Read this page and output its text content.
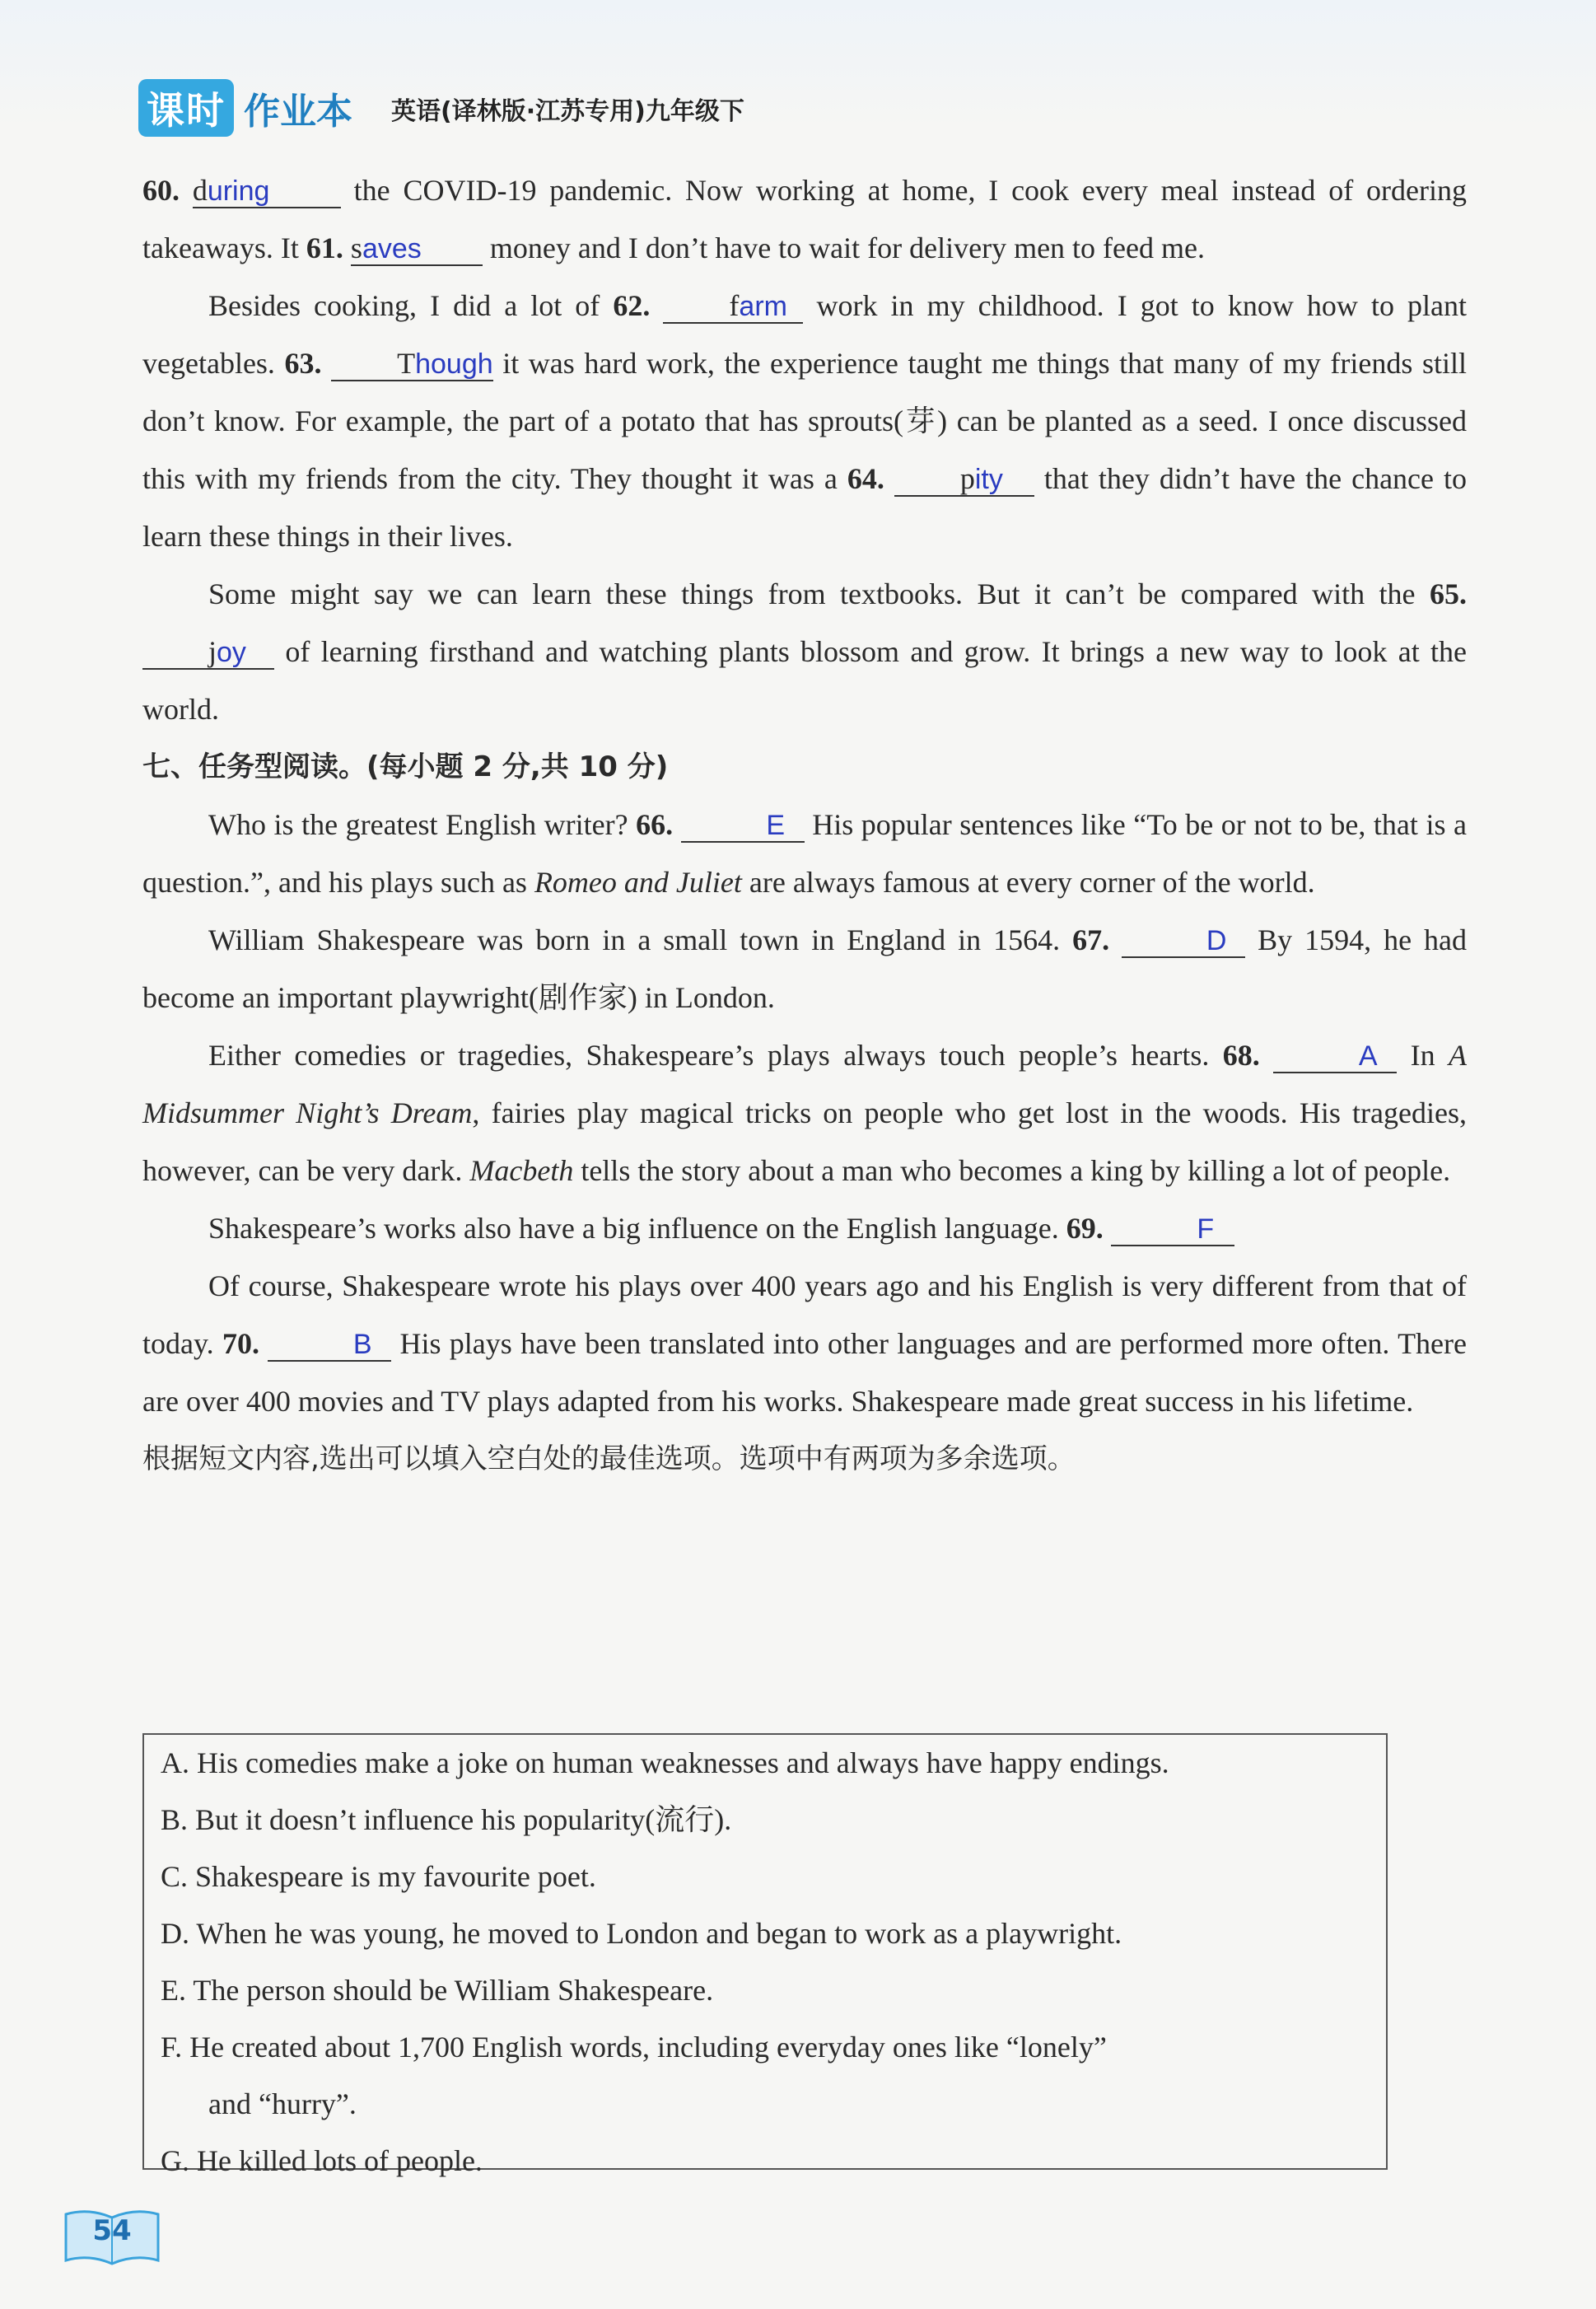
课时 作业本 英语(译林版·江苏专用)九年级下

60. during	the COVID-19 pandemic. Now working at home, I cook every meal instead of ordering takeaways. It 61. saves money and I don’t have to wait for delivery men to feed me.

Besides cooking, I did a lot of 62.	farm work in my childhood. I got to know how to plant vegetables. 63.	Though it was hard work, the experience taught me things that many of my friends still don’t know. For example, the part of a potato that has sprouts(芽) can be planted as a seed. I once discussed this with my friends from the city. They thought it was a 64.	pity that they didn’t have the chance to learn these things in their lives.

Some might say we can learn these things from textbooks. But it can’t be compared with the 65. joy of learning firsthand and watching plants blossom and grow. It brings a new way to look at the world.

七、任务型阅读。(每小题 2 分,共 10 分)

Who is the greatest English writer? 66.	E His popular sentences like “To be or not to be, that is a question.”, and his plays such as Romeo and Juliet are always famous at every corner of the world.

William Shakespeare was born in a small town in England in 1564. 67.	D By 1594, he had become an important playwright(剧作家) in London.

Either comedies or tragedies, Shakespeare’s plays always touch people’s hearts. 68.	A In A Midsummer Night’s Dream, fairies play magical tricks on people who get lost in the woods. His tragedies, however, can be very dark. Macbeth tells the story about a man who becomes a king by killing a lot of people.

Shakespeare’s works also have a big influence on the English language. 69.	F

Of course, Shakespeare wrote his plays over 400 years ago and his English is very different from that of today. 70.	B His plays have been translated into other languages and are performed more often. There are over 400 movies and TV plays adapted from his works. Shakespeare made great success in his lifetime.

根据短文内容,选出可以填入空白处的最佳选项。选项中有两项为多余选项。

A. His comedies make a joke on human weaknesses and always have happy endings.
B. But it doesn’t influence his popularity(流行).
C. Shakespeare is my favourite poet.
D. When he was young, he moved to London and began to work as a playwright.
E. The person should be William Shakespeare.
F. He created about 1,700 English words, including everyday ones like “lonely”
and “hurry”.
G. He killed lots of people.
54
